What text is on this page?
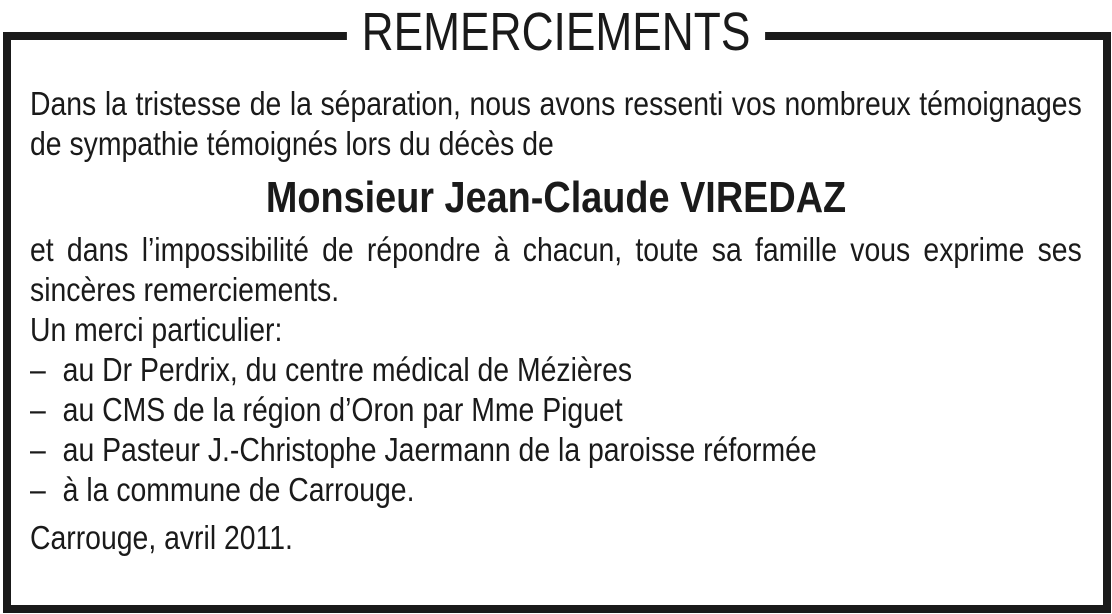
REMERCIEMENTS

Dans la tristesse de la séparation, nous avons ressenti vos nombreux témoignages de sympathie témoignés lors du décès de

Monsieur Jean-Claude VIREDAZ

et dans l’impossibilité de répondre à chacun, toute sa famille vous exprime ses sincères remerciements.

Un merci particulier:
– au Dr Perdrix, du centre médical de Mézières
– au CMS de la région d’Oron par Mme Piguet
– au Pasteur J.-Christophe Jaermann de la paroisse réformée
– à la commune de Carrouge.
Carrouge, avril 2011.
